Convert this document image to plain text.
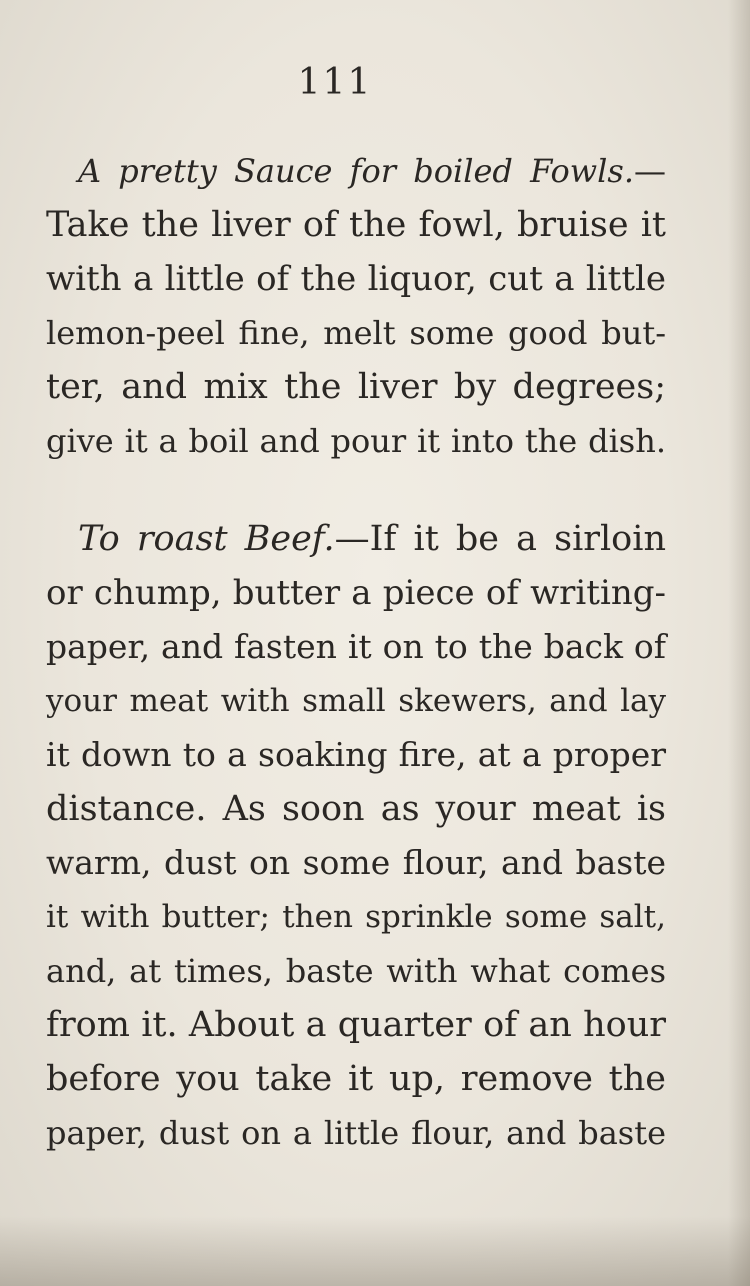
111
A pretty Sauce for boiled Fowls.—
Take the liver of the fowl, bruise it
with a little of the liquor, cut a little
lemon-peel fine, melt some good but-
ter, and mix the liver by degrees;
give it a boil and pour it into the dish.
To roast Beef.—If it be a sirloin
or chump, butter a piece of writing-
paper, and fasten it on to the back of
your meat with small skewers, and lay
it down to a soaking fire, at a proper
distance. As soon as your meat is
warm, dust on some flour, and baste
it with butter; then sprinkle some salt,
and, at times, baste with what comes
from it. About a quarter of an hour
before you take it up, remove the
paper, dust on a little flour, and baste
